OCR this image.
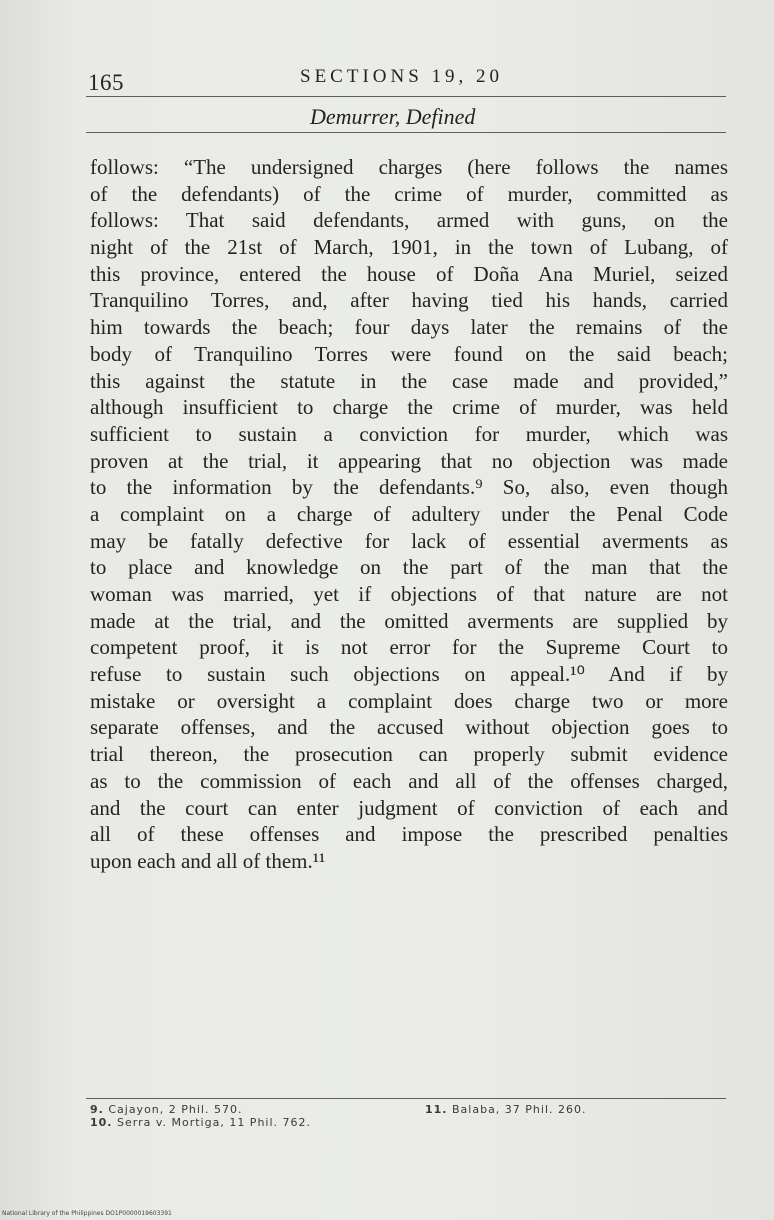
165	SECTIONS 19, 20
Demurrer, Defined
follows: “The undersigned charges (here follows the names
of the defendants) of the crime of murder, committed as
follows: That said defendants, armed with guns, on the
night of the 21st of March, 1901, in the town of Lubang, of
this province, entered the house of Doña Ana Muriel, seized
Tranquilino Torres, and, after having tied his hands, carried
him towards the beach; four days later the remains of the
body of Tranquilino Torres were found on the said beach;
this against the statute in the case made and provided,”
although insufficient to charge the crime of murder, was held
sufficient to sustain a conviction for murder, which was
proven at the trial, it appearing that no objection was made
to the information by the defendants.⁹ So, also, even though
a complaint on a charge of adultery under the Penal Code
may be fatally defective for lack of essential averments as
to place and knowledge on the part of the man that the
woman was married, yet if objections of that nature are not
made at the trial, and the omitted averments are supplied by
competent proof, it is not error for the Supreme Court to
refuse to sustain such objections on appeal.¹⁰ And if by
mistake or oversight a complaint does charge two or more
separate offenses, and the accused without objection goes to
trial thereon, the prosecution can properly submit evidence
as to the commission of each and all of the offenses charged,
and the court can enter judgment of conviction of each and
all of these offenses and impose the prescribed penalties
upon each and all of them.¹¹
9. Cajayon, 2 Phil. 570.
10. Serra v. Mortiga, 11 Phil. 762.
11. Balaba, 37 Phil. 260.
National Library of the Philippines DO1P0000019603391
